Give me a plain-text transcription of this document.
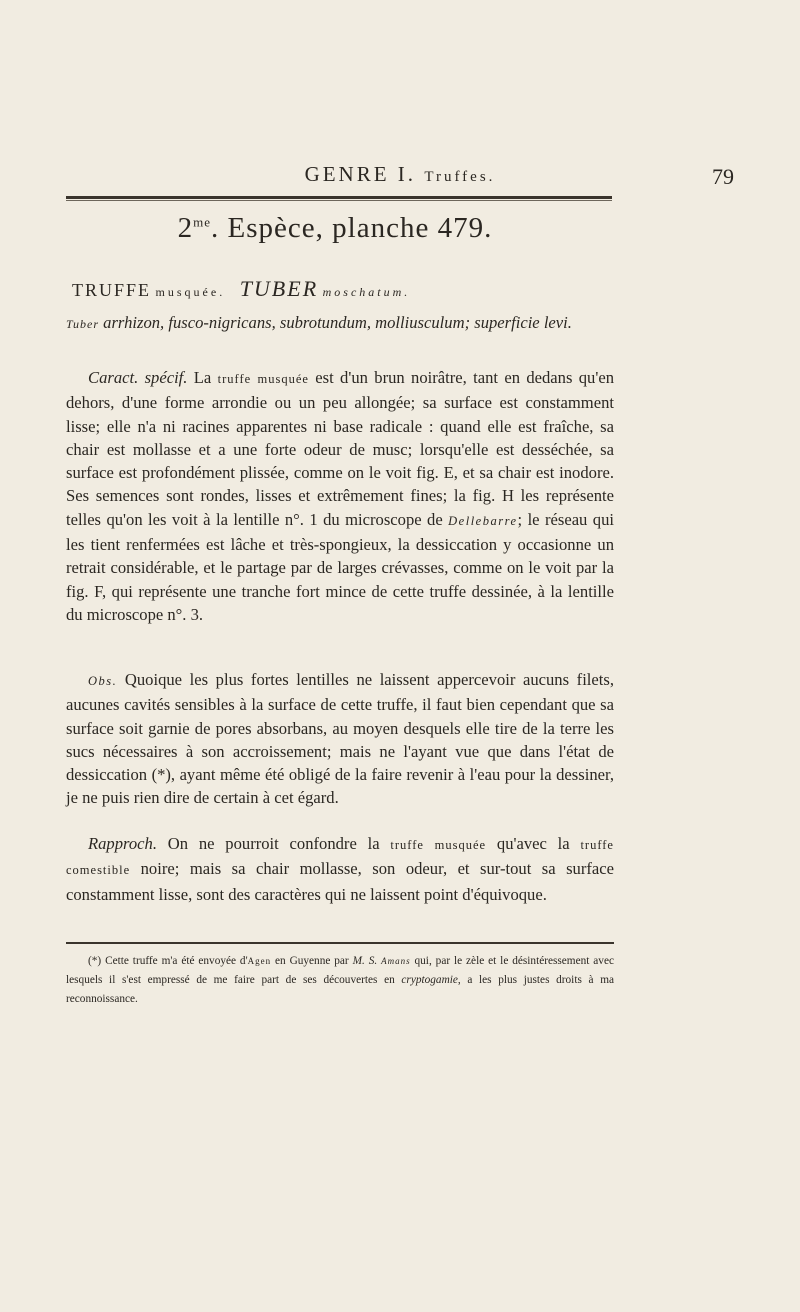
GENRE I. Truffes.	79
$2^{me}$. Espèce, planche 479.
TRUFFE musquée. TUBER moschatum.
Tuber arrhizon, fusco-nigricans, subrotundum, molliusculum; superficie levi.
Caract. spécif. La truffe musquée est d'un brun noirâtre, tant en dedans qu'en dehors, d'une forme arrondie ou un peu allongée; sa surface est constamment lisse; elle n'a ni racines apparentes ni base radicale : quand elle est fraîche, sa chair est mollasse et a une forte odeur de musc; lorsqu'elle est desséchée, sa surface est profondément plissée, comme on le voit fig. E, et sa chair est inodore. Ses semences sont rondes, lisses et extrêmement fines; la fig. H les représente telles qu'on les voit à la lentille n°. 1 du microscope de Dellebarre; le réseau qui les tient renfermées est lâche et très-spongieux, la dessiccation y occasionne un retrait considérable, et le partage par de larges crévasses, comme on le voit par la fig. F, qui représente une tranche fort mince de cette truffe dessinée, à la lentille du microscope n°. 3.
Obs. Quoique les plus fortes lentilles ne laissent appercevoir aucuns filets, aucunes cavités sensibles à la surface de cette truffe, il faut bien cependant que sa surface soit garnie de pores absorbans, au moyen desquels elle tire de la terre les sucs nécessaires à son accroissement; mais ne l'ayant vue que dans l'état de dessiccation (*), ayant même été obligé de la faire revenir à l'eau pour la dessiner, je ne puis rien dire de certain à cet égard.
Rapproch. On ne pourroit confondre la truffe musquée qu'avec la truffe comestible noire; mais sa chair mollasse, son odeur, et sur-tout sa surface constamment lisse, sont des caractères qui ne laissent point d'équivoque.
(*) Cette truffe m'a été envoyée d'Agen en Guyenne par M. S. Amans qui, par le zèle et le désintéressement avec lesquels il s'est empressé de me faire part de ses découvertes en cryptogamie, a les plus justes droits à ma reconnoissance.
